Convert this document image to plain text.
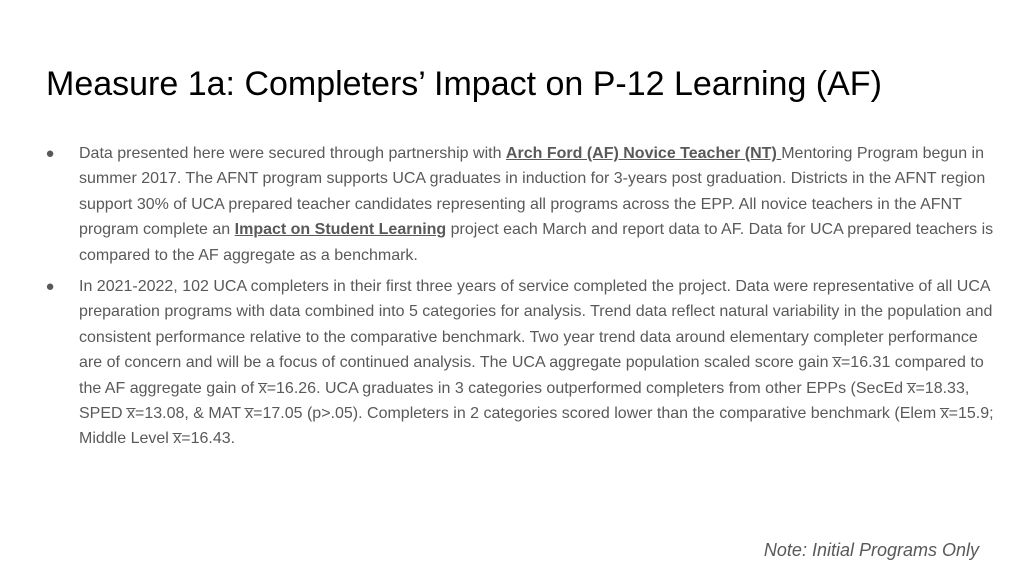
Measure 1a: Completers’ Impact on P-12 Learning (AF)
● Data presented here were secured through partnership with Arch Ford (AF) Novice Teacher (NT) Mentoring Program begun in summer 2017. The AFNT program supports UCA graduates in induction for 3-years post graduation. Districts in the AFNT region support 30% of UCA prepared teacher candidates representing all programs across the EPP. All novice teachers in the AFNT program complete an Impact on Student Learning project each March and report data to AF. Data for UCA prepared teachers is compared to the AF aggregate as a benchmark.
● In 2021-2022, 102 UCA completers in their first three years of service completed the project. Data were representative of all UCA preparation programs with data combined into 5 categories for analysis. Trend data reflect natural variability in the population and consistent performance relative to the comparative benchmark. Two year trend data around elementary completer performance are of concern and will be a focus of continued analysis. The UCA aggregate population scaled score gain x̅=16.31 compared to the AF aggregate gain of x̅=16.26. UCA graduates in 3 categories outperformed completers from other EPPs (SecEd x̅=18.33, SPED x̅=13.08, & MAT x̅=17.05 (p>.05). Completers in 2 categories scored lower than the comparative benchmark (Elem x̅=15.9; Middle Level x̅=16.43.
Note: Initial Programs Only
